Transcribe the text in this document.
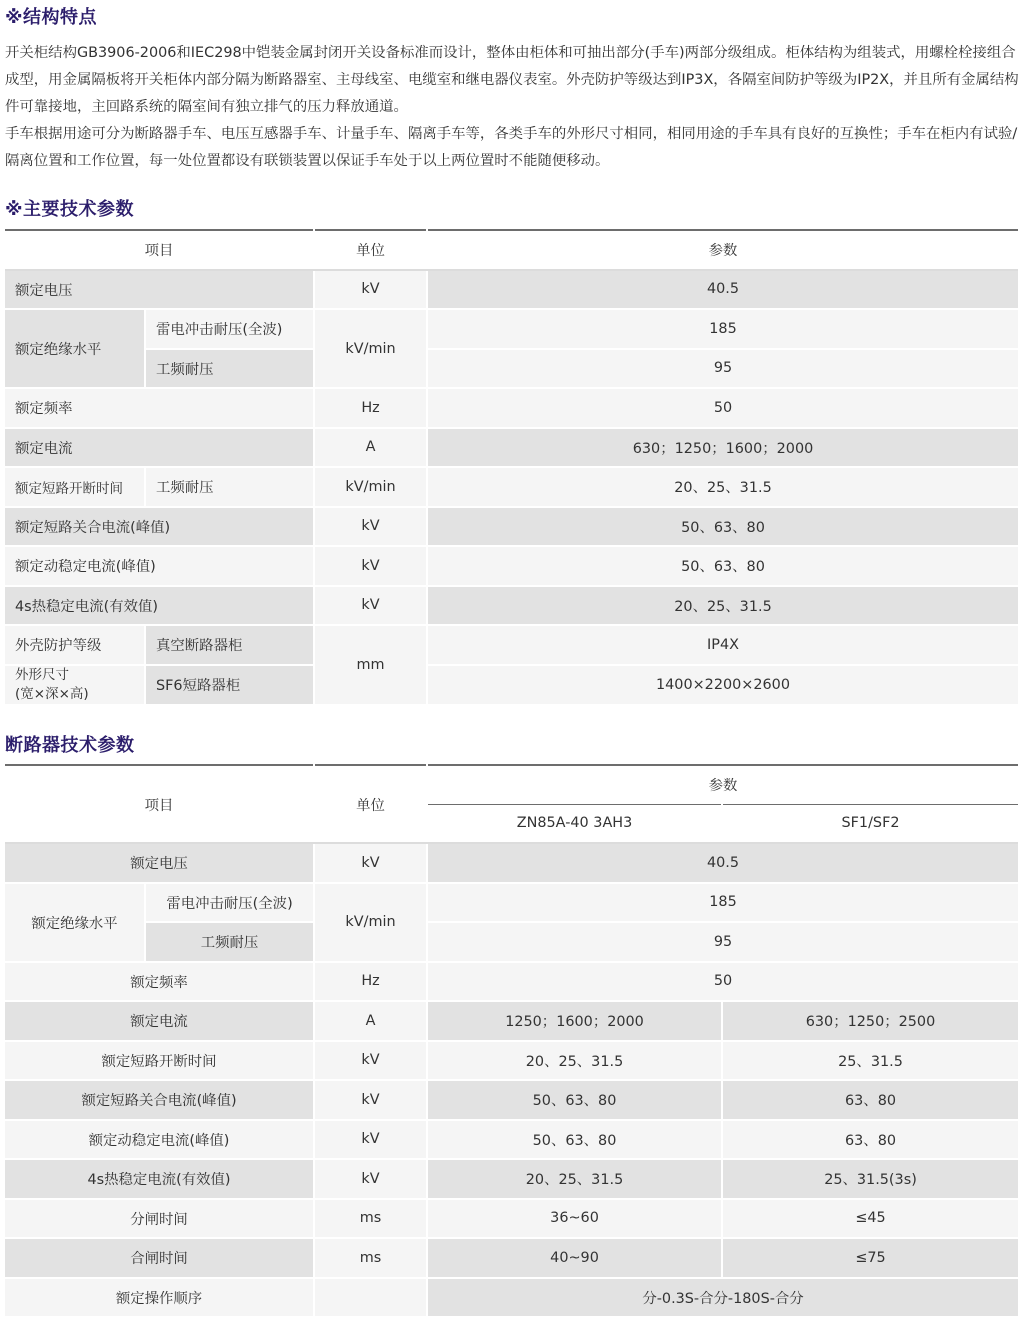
※结构特点

开关柜结构GB3906-2006和IEC298中铠装金属封闭开关设备标准而设计，整体由柜体和可抽出部分(手车)两部分级组成。柜体结构为组装式，用螺栓栓接组合成型，用金属隔板将开关柜体内部分隔为断路器室、主母线室、电缆室和继电器仪表室。外壳防护等级达到IP3X，各隔室间防护等级为IP2X，并且所有金属结构件可靠接地，主回路系统的隔室间有独立排气的压力释放通道。

手车根据用途可分为断路器手车、电压互感器手车、计量手车、隔离手车等，各类手车的外形尺寸相同，相同用途的手车具有良好的互换性；手车在柜内有试验/隔离位置和工作位置，每一处位置都设有联锁装置以保证手车处于以上两位置时不能随便移动。

※主要技术参数
项目		单位	参数
额定电压		kV	40.5
额定绝缘水平	雷电冲击耐压(全波)	kV/min	185
	工频耐压		95
额定频率		Hz	50
额定电流		A	630；1250；1600；2000
额定短路开断时间	工频耐压	kV/min	20、25、31.5
额定短路关合电流(峰值)		kV	50、63、80
额定动稳定电流(峰值)		kV	50、63、80
4s热稳定电流(有效值)		kV	20、25、31.5
外壳防护等级	真空断路器柜	mm	IP4X

外形尺寸
(宽×深×高)	SF6短路器柜		1400×2200×2600
断路器技术参数
项目		单位	参数	
			ZN85A-40 3AH3	SF1/SF2
额定电压		kV	40.5	
额定绝缘水平	雷电冲击耐压(全波)	kV/min	185	
	工频耐压		95	
额定频率		Hz	50	
额定电流		A	1250；1600；2000	630；1250；2500
额定短路开断时间		kV	20、25、31.5	25、31.5
额定短路关合电流(峰值)		kV	50、63、80	63、80
额定动稳定电流(峰值)		kV	50、63、80	63、80
4s热稳定电流(有效值)		kV	20、25、31.5	25、31.5(3s)
分闸时间		ms	36~60	≤45
合闸时间		ms	40~90	≤75
额定操作顺序			分-0.3S-合分-180S-合分	
